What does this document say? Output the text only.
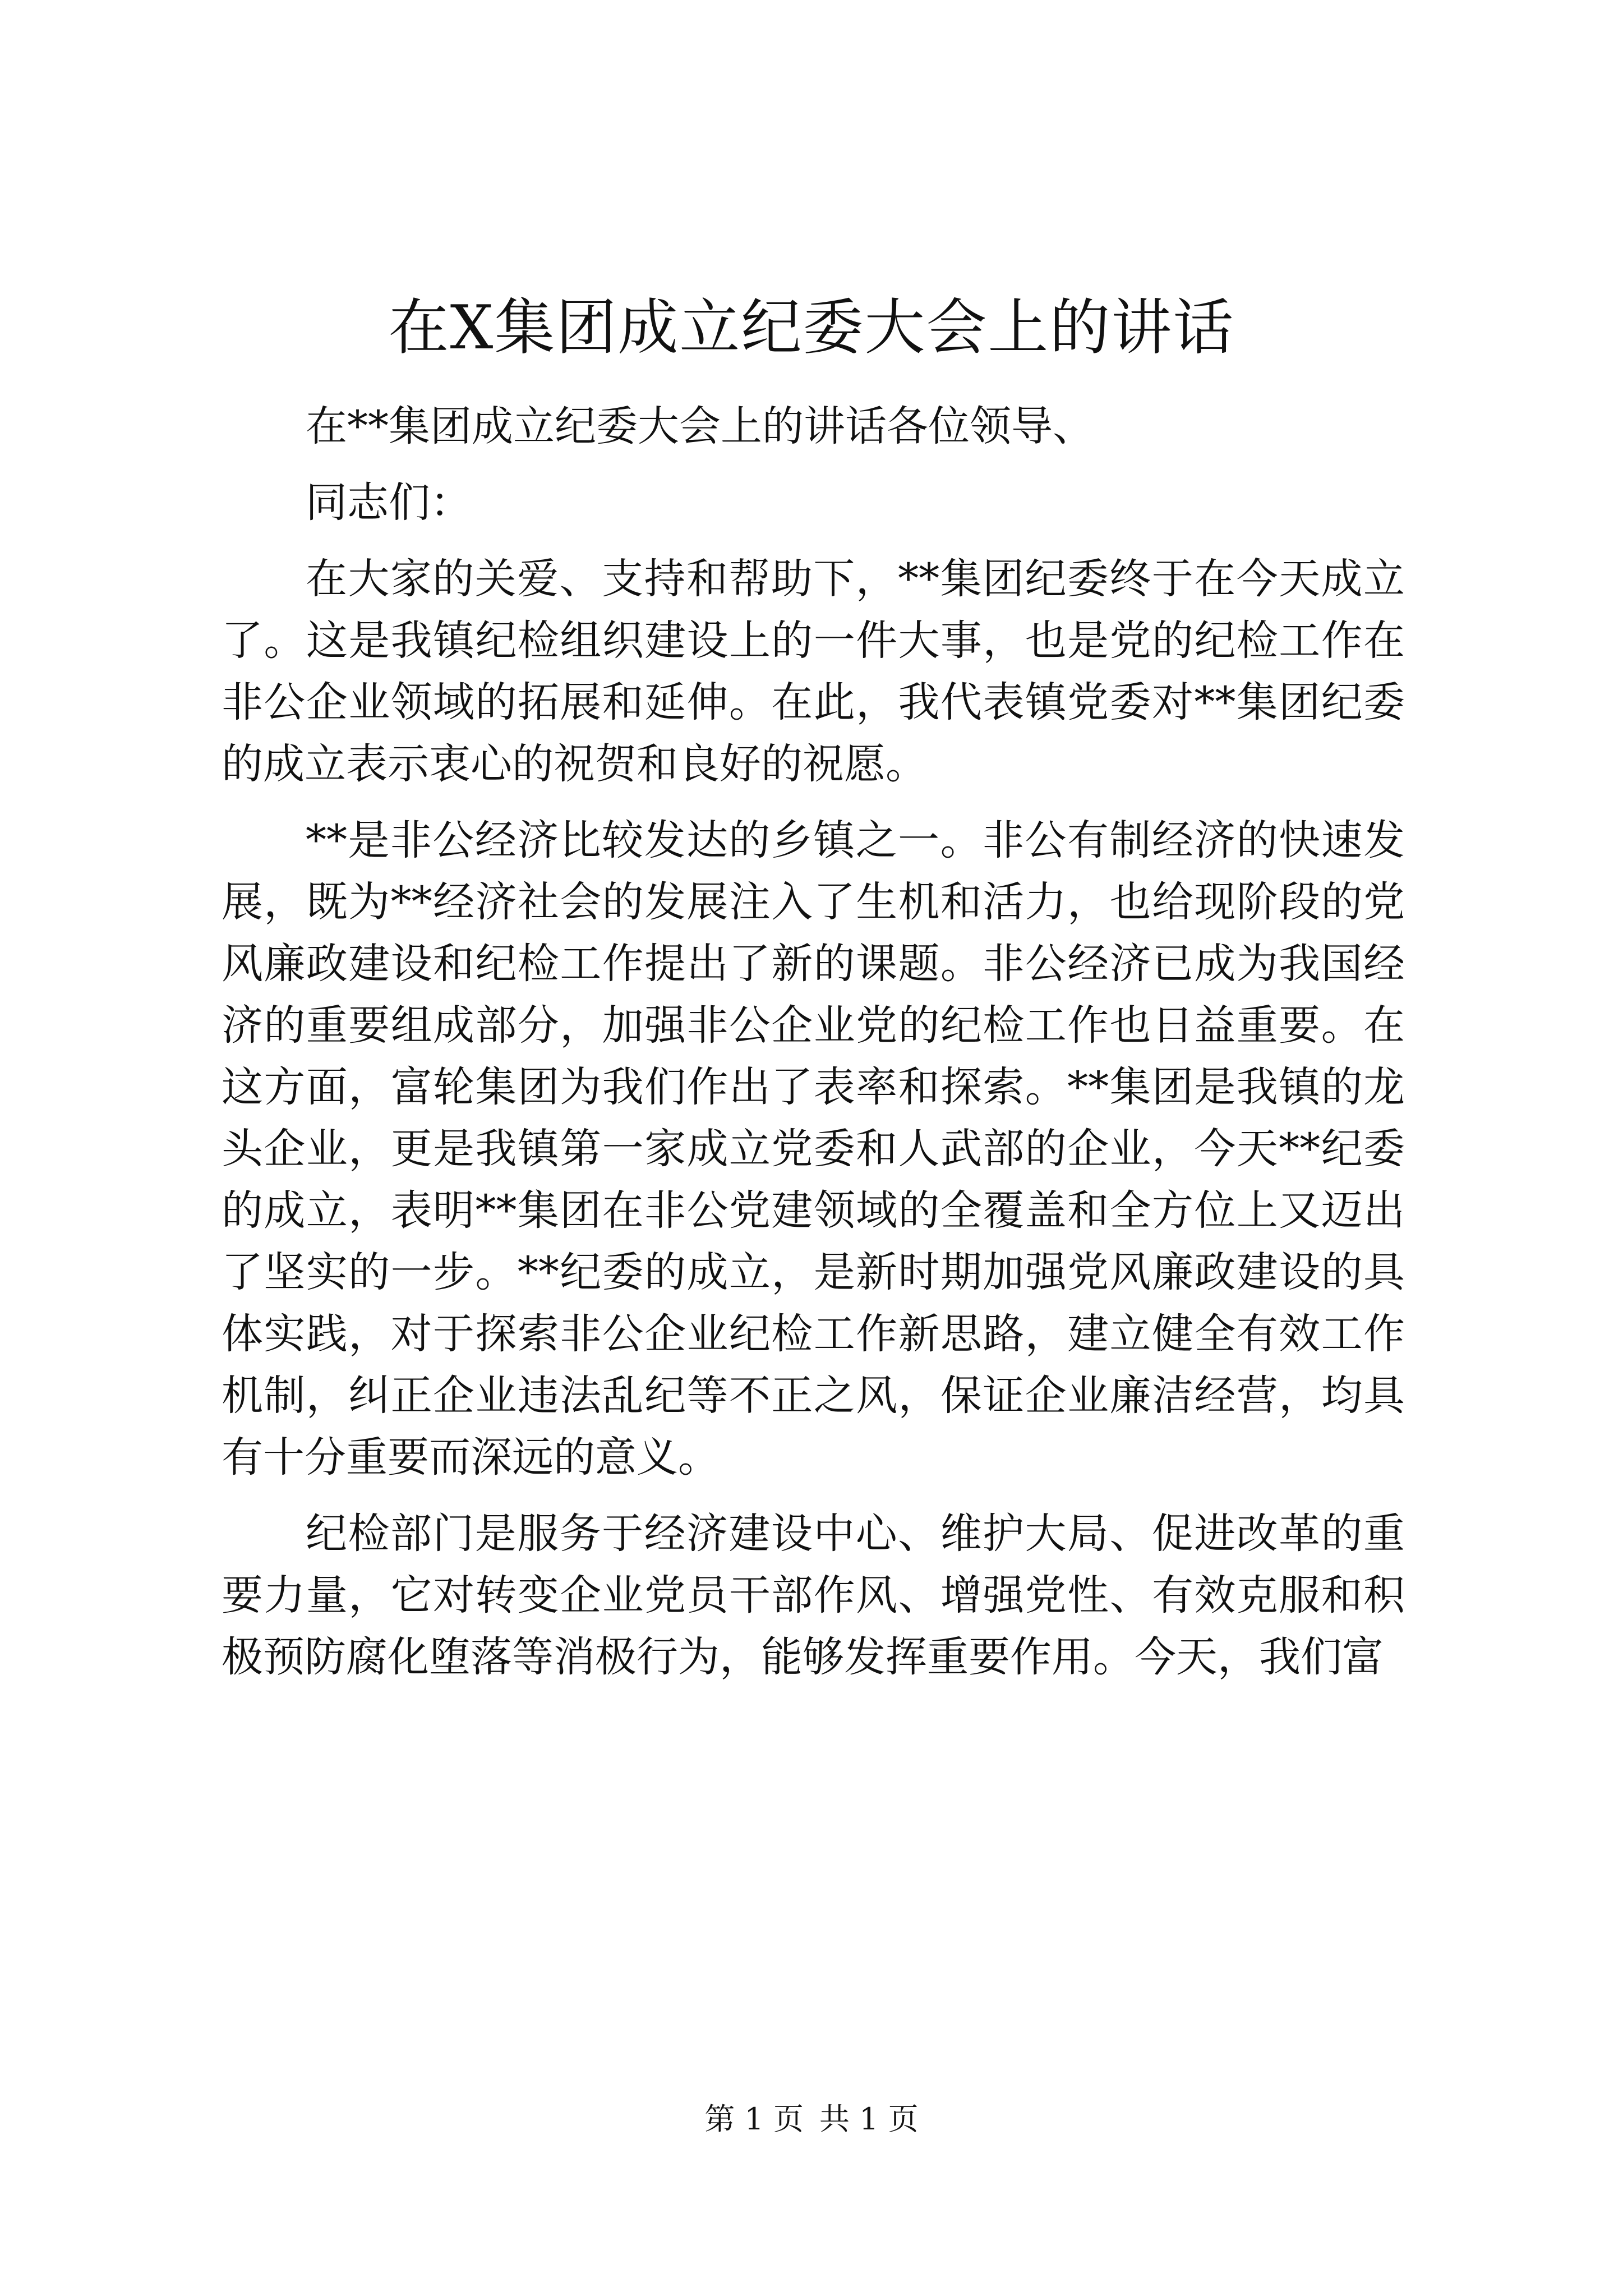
在X集团成立纪委大会上的讲话
在**集团成立纪委大会上的讲话各位领导、
同志们：
在大家的关爱、支持和帮助下，**集团纪委终于在今天成立
了。这是我镇纪检组织建设上的一件大事，也是党的纪检工作在
非公企业领域的拓展和延伸。在此，我代表镇党委对**集团纪委
的成立表示衷心的祝贺和良好的祝愿。
**是非公经济比较发达的乡镇之一。非公有制经济的快速发
展，既为**经济社会的发展注入了生机和活力，也给现阶段的党
风廉政建设和纪检工作提出了新的课题。非公经济已成为我国经
济的重要组成部分，加强非公企业党的纪检工作也日益重要。在
这方面，富轮集团为我们作出了表率和探索。**集团是我镇的龙
头企业，更是我镇第一家成立党委和人武部的企业，今天**纪委
的成立，表明**集团在非公党建领域的全覆盖和全方位上又迈出
了坚实的一步。**纪委的成立，是新时期加强党风廉政建设的具
体实践，对于探索非公企业纪检工作新思路，建立健全有效工作
机制，纠正企业违法乱纪等不正之风，保证企业廉洁经营，均具
有十分重要而深远的意义。
纪检部门是服务于经济建设中心、维护大局、促进改革的重
要力量，它对转变企业党员干部作风、增强党性、有效克服和积
极预防腐化堕落等消极行为，能够发挥重要作用。今天，我们富
第 1 页 共 1 页
